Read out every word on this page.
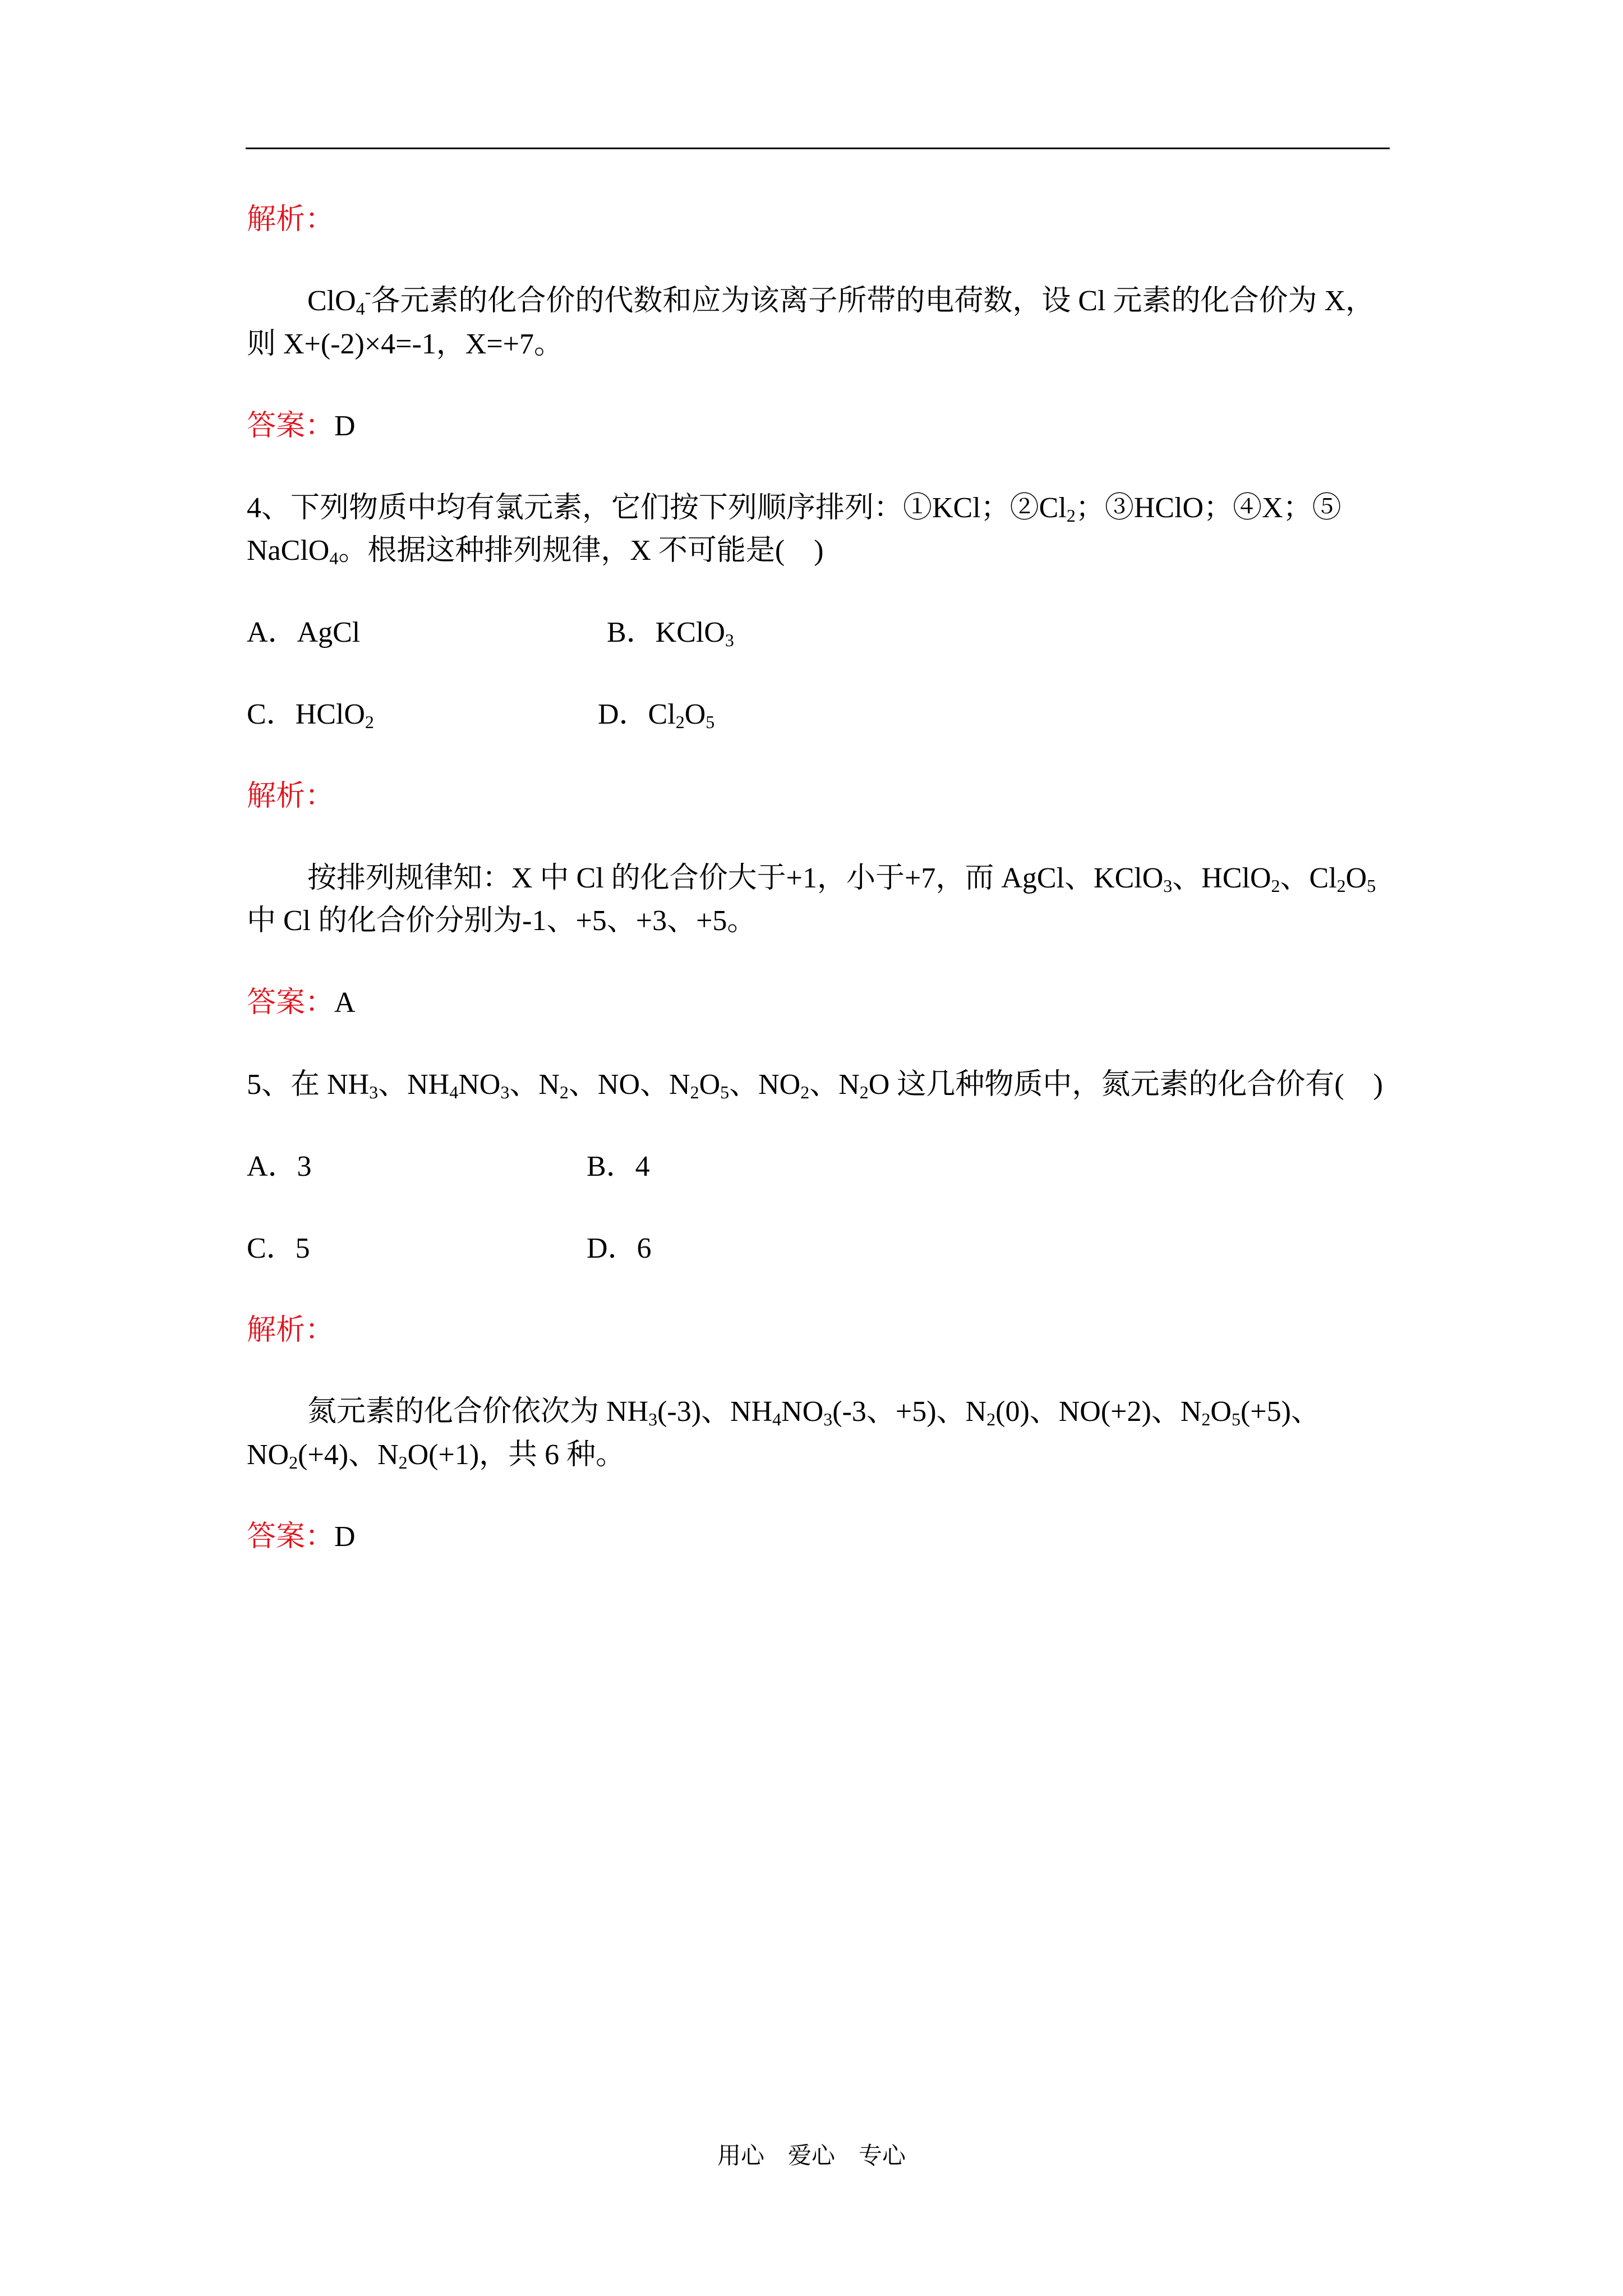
解析：
ClO$_4$-各元素的化合价的代数和应为该离子所带的电荷数，设 Cl 元素的化合价为 X，
则 X+(-2)×4=-1，X=+7。
答案：D
4、下列物质中均有氯元素，它们按下列顺序排列：①KCl；$②Cl_2$；③HClO；④X；⑤
NaClO$_4$。根据这种排列规律，X 不可能是(　)
A．AgCl	B．KClO$_3$
C．HClO$_2$	D．$Cl_2O_5$
解析：
按排列规律知：X 中 Cl 的化合价大于+1，小于+7，而 AgCl、KClO$_3$、HClO$_2$、$Cl_2O_5$
中 Cl 的化合价分别为-1、+5、+3、+5。
答案：A
5、在 $NH_3$、$NH_4NO_3$、$N_2$、NO、$N_2O_5$、$NO_2$、$N_2O$ 这几种物质中，氮元素的化合价有(　)
A．3	B．4
C．5	D．6
解析：
氮元素的化合价依次为 $NH_3(-3)$、$NH_4NO_3(-3$、+5)、$N_2(0)$、NO(+2)、$N_2O_5(+5)$、
$NO_2(+4)$、$N_2O(+1)$，共 6 种。
答案：D
用心　爱心　专心
